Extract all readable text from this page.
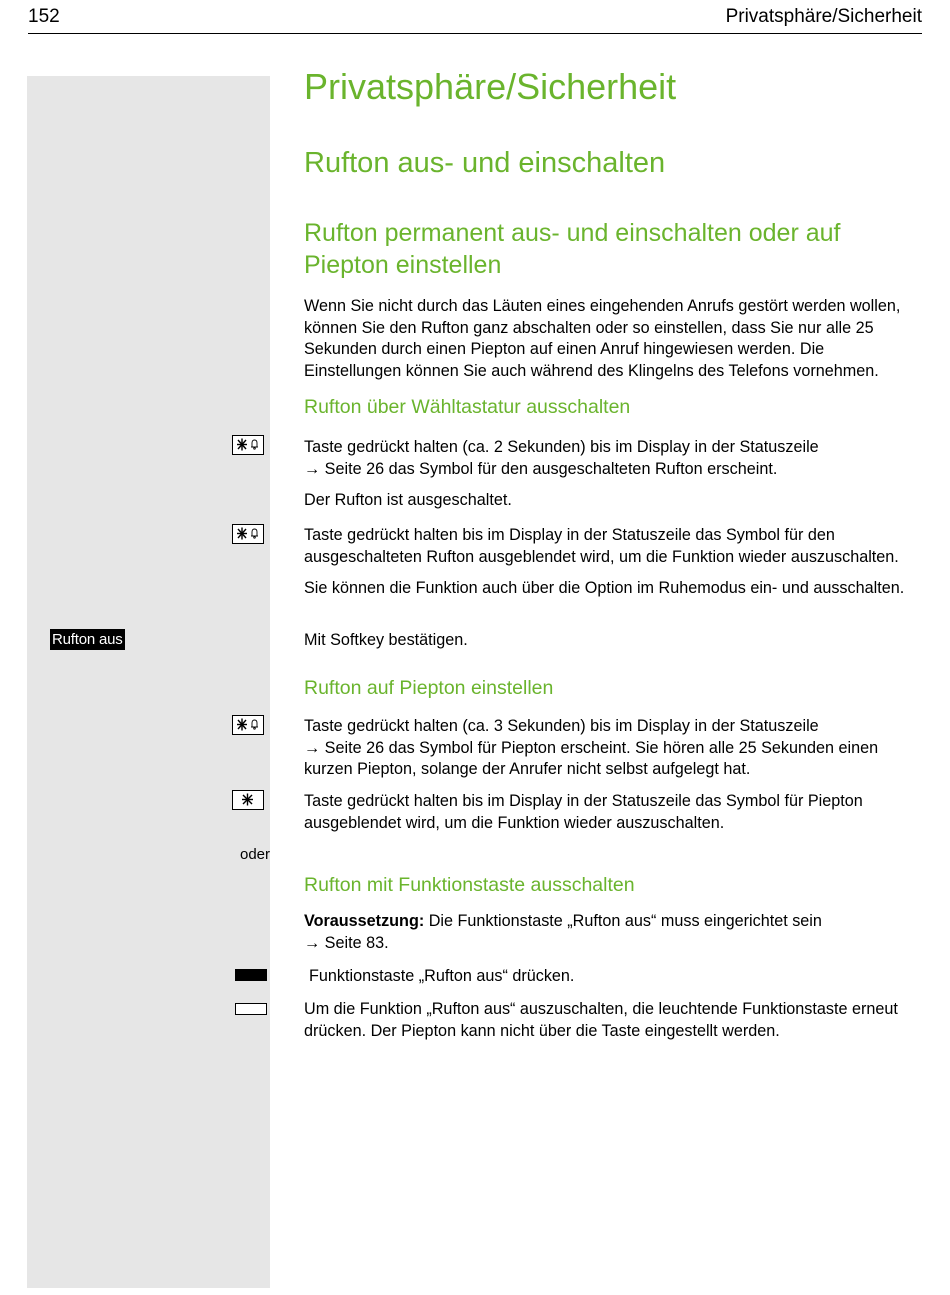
152	Privatsphäre/Sicherheit
Privatsphäre/Sicherheit
Rufton aus- und einschalten
Rufton permanent aus- und einschalten oder auf Piepton einstellen
Wenn Sie nicht durch das Läuten eines eingehenden Anrufs gestört werden wollen, können Sie den Rufton ganz abschalten oder so einstellen, dass Sie nur alle 25 Sekunden durch einen Piepton auf einen Anruf hingewiesen werden. Die Einstellungen können Sie auch während des Klingelns des Telefons vornehmen.
Rufton über Wähltastatur ausschalten
Taste gedrückt halten (ca. 2 Sekunden) bis im Display in der Statuszeile
→ Seite 26 das Symbol für den ausgeschalteten Rufton erscheint.
Der Rufton ist ausgeschaltet.
Taste gedrückt halten bis im Display in der Statuszeile das Symbol für den ausgeschalteten Rufton ausgeblendet wird, um die Funktion wieder auszuschalten.
Sie können die Funktion auch über die Option im Ruhemodus ein- und ausschalten.
Rufton aus	Mit Softkey bestätigen.
Rufton auf Piepton einstellen
Taste gedrückt halten (ca. 3 Sekunden) bis im Display in der Statuszeile
→ Seite 26 das Symbol für Piepton erscheint. Sie hören alle 25 Sekunden einen kurzen Piepton, solange der Anrufer nicht selbst aufgelegt hat.
Taste gedrückt halten bis im Display in der Statuszeile das Symbol für Piepton ausgeblendet wird, um die Funktion wieder auszuschalten.
oder
Rufton mit Funktionstaste ausschalten
Voraussetzung: Die Funktionstaste „Rufton aus“ muss eingerichtet sein
→ Seite 83.
Funktionstaste „Rufton aus“ drücken.
Um die Funktion „Rufton aus“ auszuschalten, die leuchtende Funktionstaste erneut drücken. Der Piepton kann nicht über die Taste eingestellt werden.
